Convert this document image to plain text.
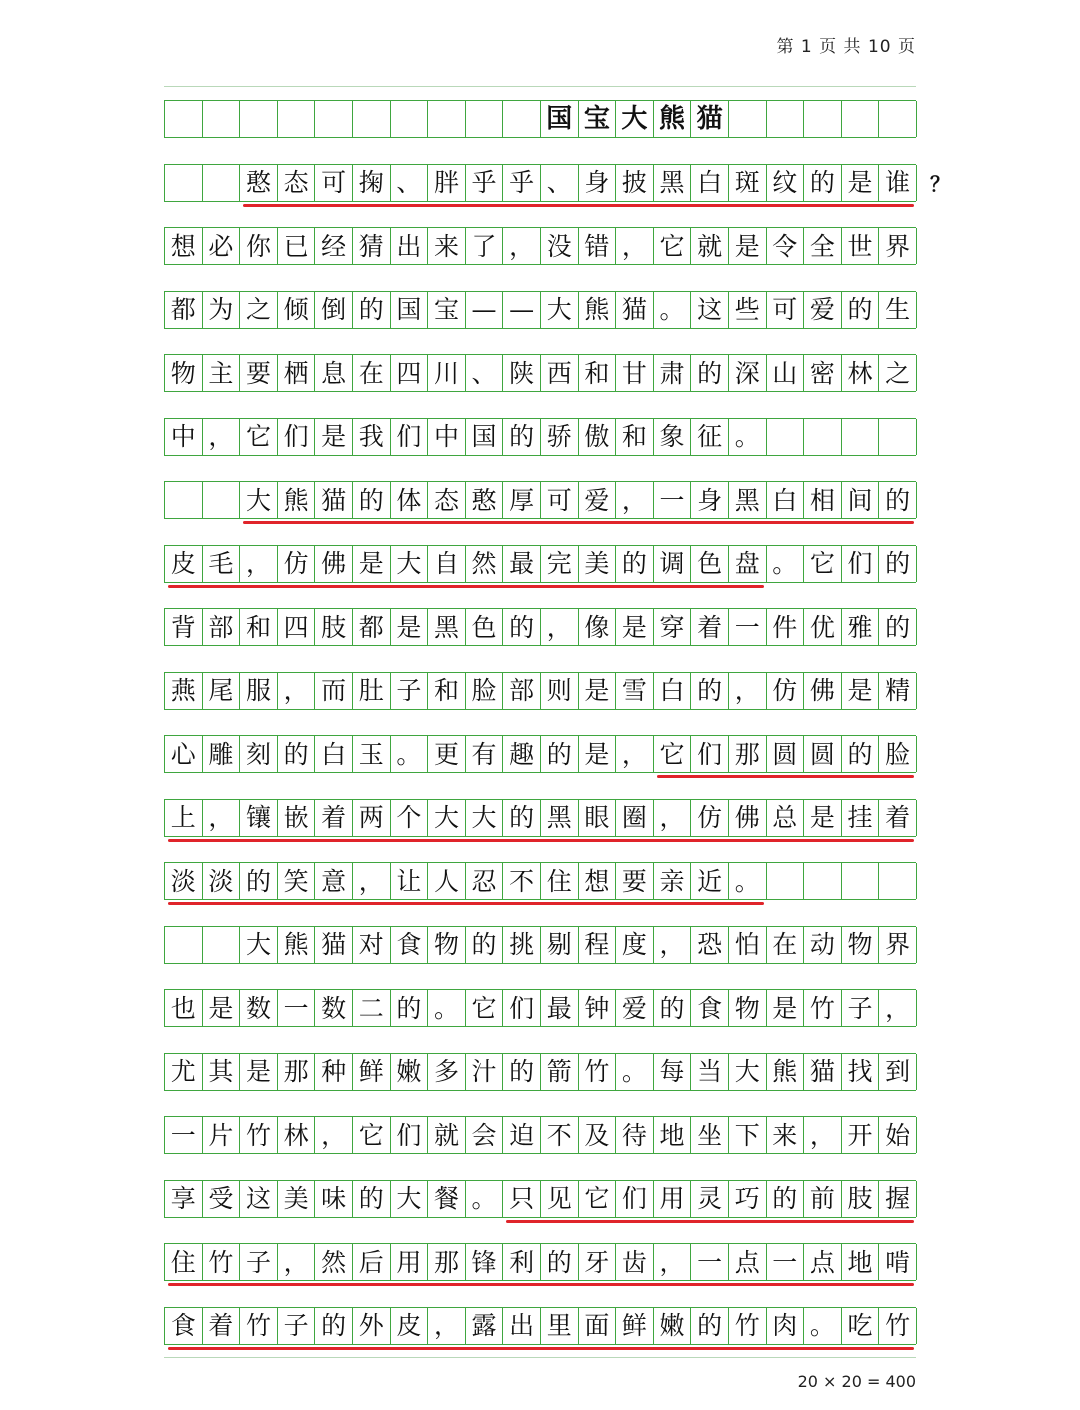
第 1 页 共 10 页
国 宝 大 熊 猫
憨 态 可 掬 、 胖 乎 乎 、 身 披 黑 白 斑 纹 的 是 谁
想 必 你 已 经 猜 出 来 了 ， 没 错 ， 它 就 是 令 全 世 界
都 为 之 倾 倒 的 国 宝 — — 大 熊 猫 。 这 些 可 爱 的 生
物 主 要 栖 息 在 四 川 、 陕 西 和 甘 肃 的 深 山 密 林 之
中 ， 它 们 是 我 们 中 国 的 骄 傲 和 象 征 。
大 熊 猫 的 体 态 憨 厚 可 爱 ， 一 身 黑 白 相 间 的
皮 毛 ， 仿 佛 是 大 自 然 最 完 美 的 调 色 盘 。 它 们 的
背 部 和 四 肢 都 是 黑 色 的 ， 像 是 穿 着 一 件 优 雅 的
燕 尾 服 ， 而 肚 子 和 脸 部 则 是 雪 白 的 ， 仿 佛 是 精
心 雕 刻 的 白 玉 。 更 有 趣 的 是 ， 它 们 那 圆 圆 的 脸
上 ， 镶 嵌 着 两 个 大 大 的 黑 眼 圈 ， 仿 佛 总 是 挂 着
淡 淡 的 笑 意 ， 让 人 忍 不 住 想 要 亲 近 。
大 熊 猫 对 食 物 的 挑 剔 程 度 ， 恐 怕 在 动 物 界
也 是 数 一 数 二 的 。 它 们 最 钟 爱 的 食 物 是 竹 子 ，
尤 其 是 那 种 鲜 嫩 多 汁 的 箭 竹 。 每 当 大 熊 猫 找 到
一 片 竹 林 ， 它 们 就 会 迫 不 及 待 地 坐 下 来 ， 开 始
享 受 这 美 味 的 大 餐 。 只 见 它 们 用 灵 巧 的 前 肢 握
住 竹 子 ， 然 后 用 那 锋 利 的 牙 齿 ， 一 点 一 点 地 啃
食 着 竹 子 的 外 皮 ， 露 出 里 面 鲜 嫩 的 竹 肉 。 吃 竹
？
20 × 20 = 400
